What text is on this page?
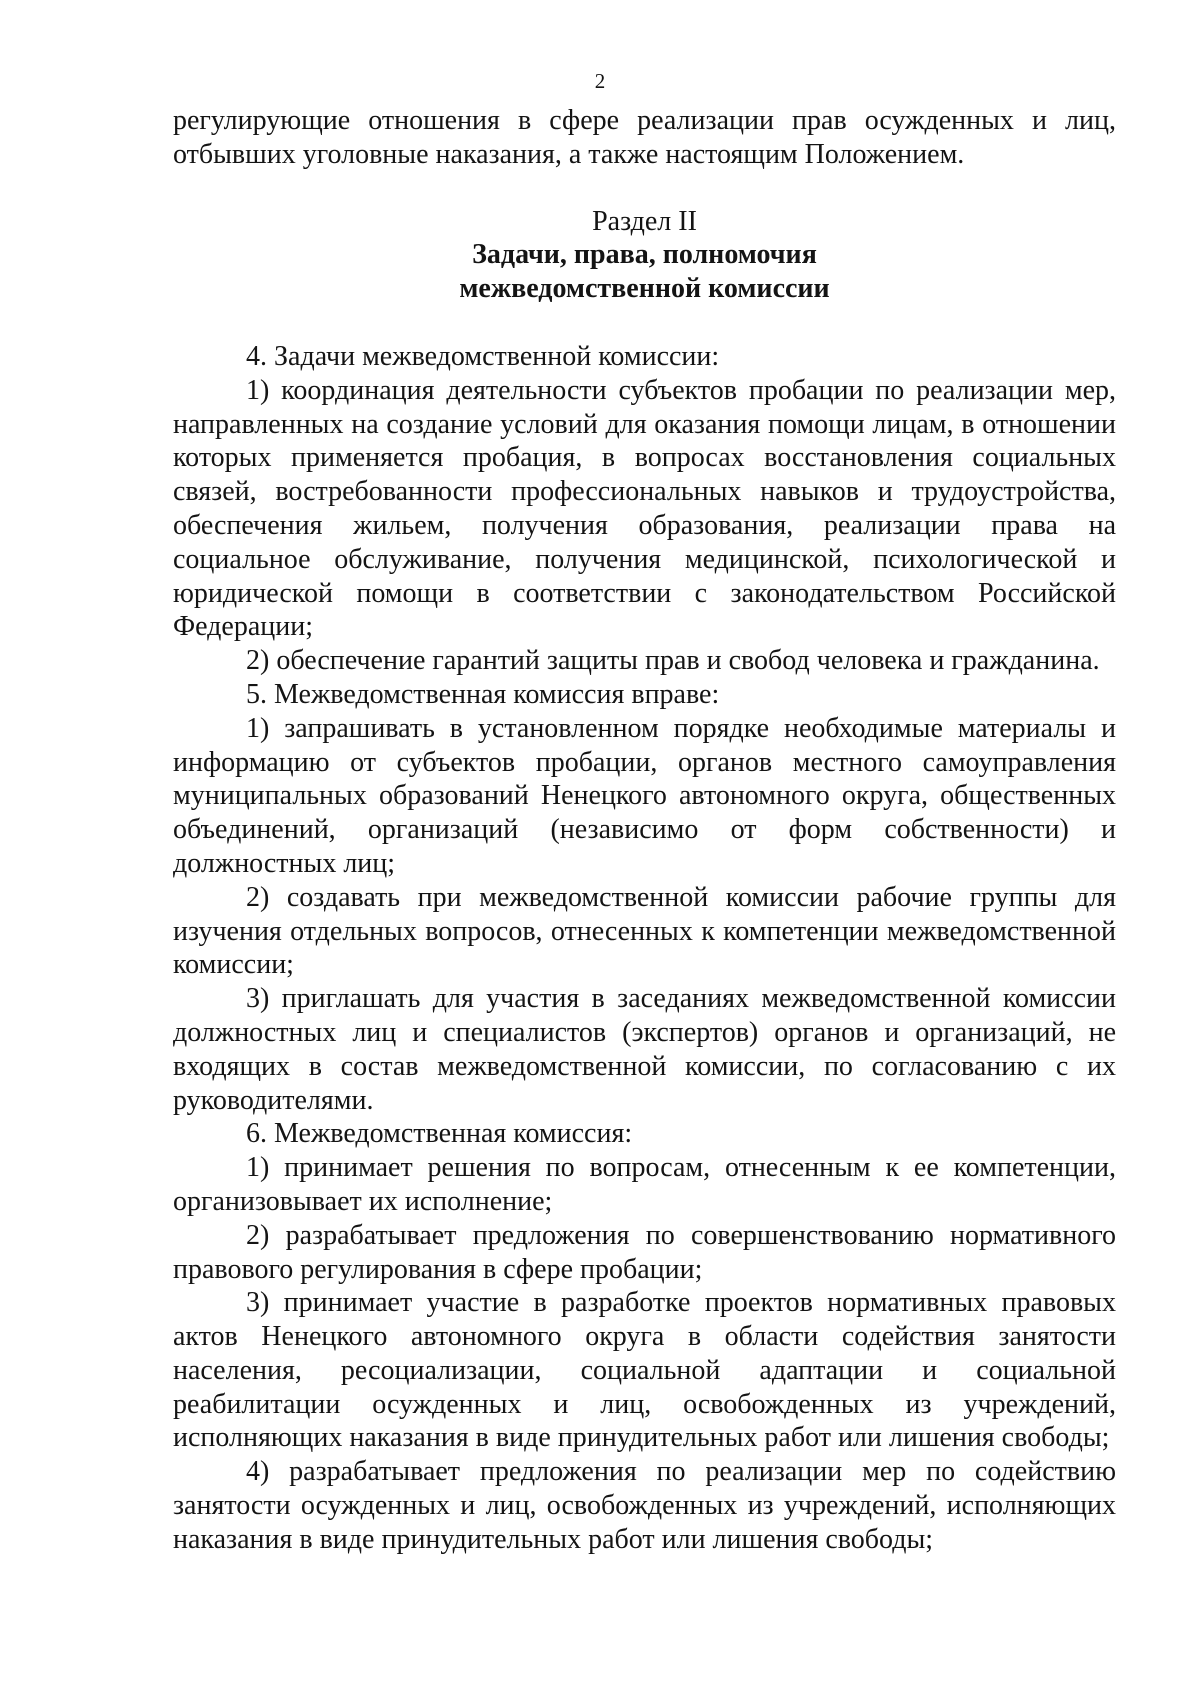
2

регулирующие отношения в сфере реализации прав осужденных и лиц, отбывших уголовные наказания, а также настоящим Положением.

Раздел II
Задачи, права, полномочия
межведомственной комиссии

4. Задачи межведомственной комиссии:

1) координация деятельности субъектов пробации по реализации мер, направленных на создание условий для оказания помощи лицам, в отношении которых применяется пробация, в вопросах восстановления социальных связей, востребованности профессиональных навыков и трудоустройства, обеспечения жильем, получения образования, реализации права на социальное обслуживание, получения медицинской, психологической и юридической помощи в соответствии с законодательством Российской Федерации;

2) обеспечение гарантий защиты прав и свобод человека и гражданина.

5. Межведомственная комиссия вправе:

1) запрашивать в установленном порядке необходимые материалы и информацию от субъектов пробации, органов местного самоуправления муниципальных образований Ненецкого автономного округа, общественных объединений, организаций (независимо от форм собственности) и должностных лиц;

2) создавать при межведомственной комиссии рабочие группы для изучения отдельных вопросов, отнесенных к компетенции межведомственной комиссии;

3) приглашать для участия в заседаниях межведомственной комиссии должностных лиц и специалистов (экспертов) органов и организаций, не входящих в состав межведомственной комиссии, по согласованию с их руководителями.

6. Межведомственная комиссия:

1) принимает решения по вопросам, отнесенным к ее компетенции, организовывает их исполнение;

2) разрабатывает предложения по совершенствованию нормативного правового регулирования в сфере пробации;

3) принимает участие в разработке проектов нормативных правовых актов Ненецкого автономного округа в области содействия занятости населения, ресоциализации, социальной адаптации и социальной реабилитации осужденных и лиц, освобожденных из учреждений, исполняющих наказания в виде принудительных работ или лишения свободы;

4) разрабатывает предложения по реализации мер по содействию занятости осужденных и лиц, освобожденных из учреждений, исполняющих наказания в виде принудительных работ или лишения свободы;
